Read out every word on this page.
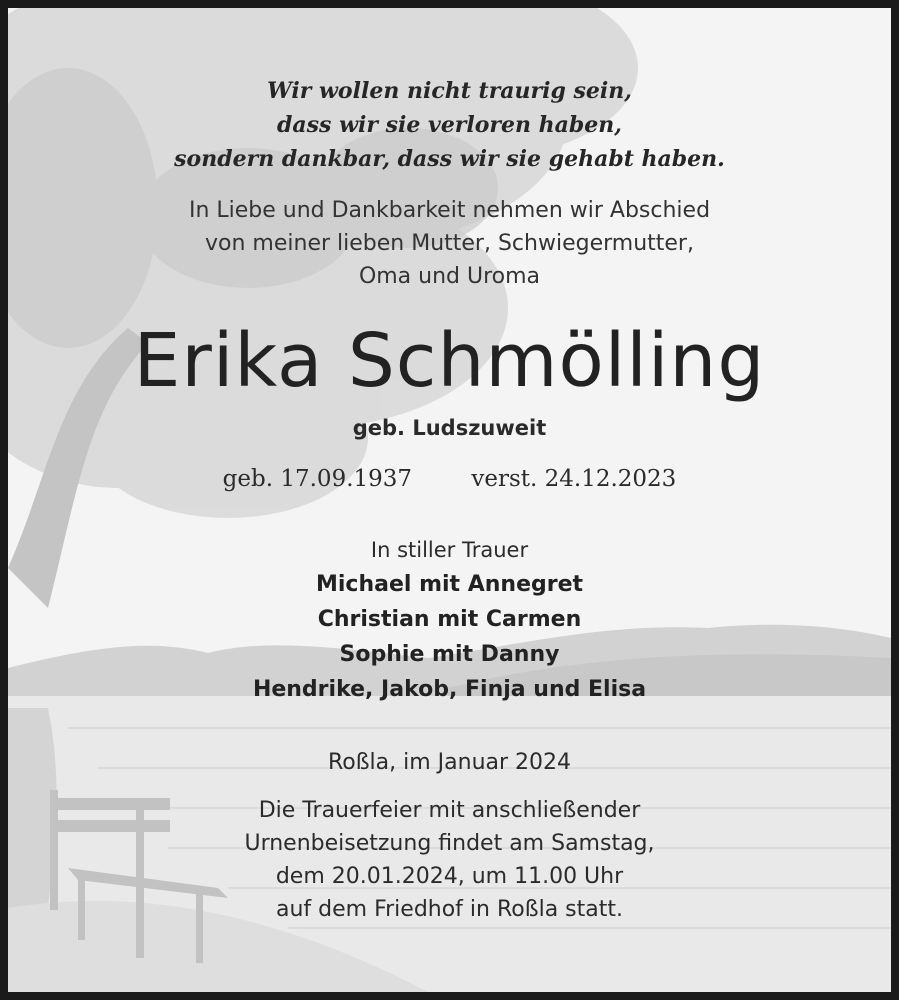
Wir wollen nicht traurig sein,
dass wir sie verloren haben,
sondern dankbar, dass wir sie gehabt haben.
In Liebe und Dankbarkeit nehmen wir Abschied
von meiner lieben Mutter, Schwiegermutter,
Oma und Uroma
Erika Schmölling
geb. Ludszuweit
geb. 17.09.1937	verst. 24.12.2023
In stiller Trauer
Michael mit Annegret
Christian mit Carmen
Sophie mit Danny
Hendrike, Jakob, Finja und Elisa
Roßla, im Januar 2024
Die Trauerfeier mit anschließender
Urnenbeisetzung findet am Samstag,
dem 20.01.2024, um 11.00 Uhr
auf dem Friedhof in Roßla statt.
